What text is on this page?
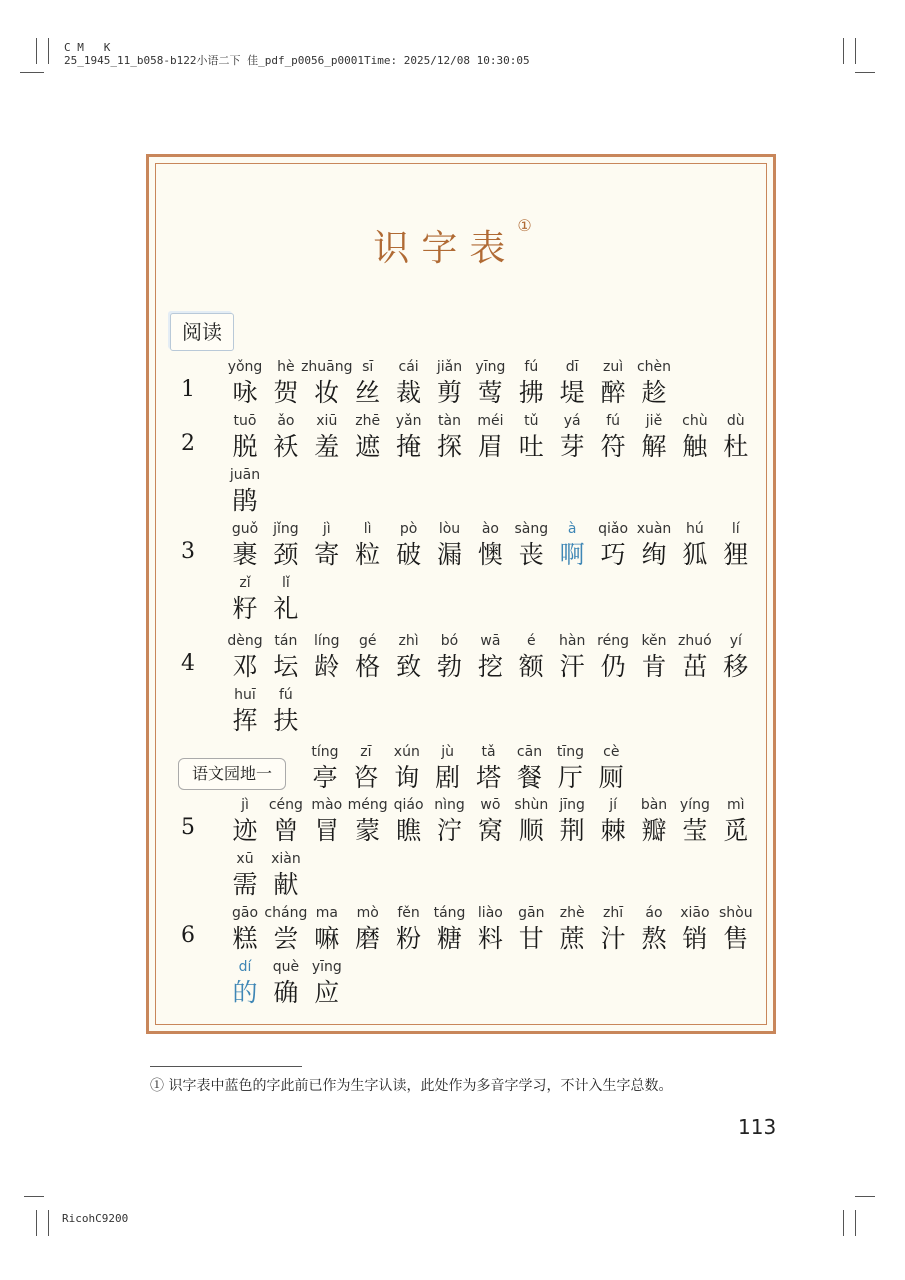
C M   K
25_1945_11_b058-b122小语二下 佳_pdf_p0056_p0001Time: 2025/12/08 10:30:05
识字表①
阅读
语文园地一
1
yǒng
咏
hè
贺
zhuāng
妆
sī
丝
cái
裁
jiǎn
剪
yīng
莺
fú
拂
dī
堤
zuì
醉
chèn
趁
2
tuō
脱
ǎo
袄
xiū
羞
zhē
遮
yǎn
掩
tàn
探
méi
眉
tǔ
吐
yá
芽
fú
符
jiě
解
chù
触
dù
杜
juān
鹃
3
guǒ
裹
jǐng
颈
jì
寄
lì
粒
pò
破
lòu
漏
ào
懊
sàng
丧
à
啊
qiǎo
巧
xuàn
绚
hú
狐
lí
狸
zǐ
籽
lǐ
礼
4
dèng
邓
tán
坛
líng
龄
gé
格
zhì
致
bó
勃
wā
挖
é
额
hàn
汗
réng
仍
kěn
肯
zhuó
茁
yí
移
huī
挥
fú
扶
tíng
亭
zī
咨
xún
询
jù
剧
tǎ
塔
cān
餐
tīng
厅
cè
厕
5
jì
迹
céng
曾
mào
冒
méng
蒙
qiáo
瞧
nìng
泞
wō
窝
shùn
顺
jīng
荆
jí
棘
bàn
瓣
yíng
莹
mì
觅
xū
需
xiàn
献
6
gāo
糕
cháng
尝
ma
嘛
mò
磨
fěn
粉
táng
糖
liào
料
gān
甘
zhè
蔗
zhī
汁
áo
熬
xiāo
销
shòu
售
dí
的
què
确
yīng
应
① 识字表中蓝色的字此前已作为生字认读，此处作为多音字学习，不计入生字总数。
113
RicohC9200
